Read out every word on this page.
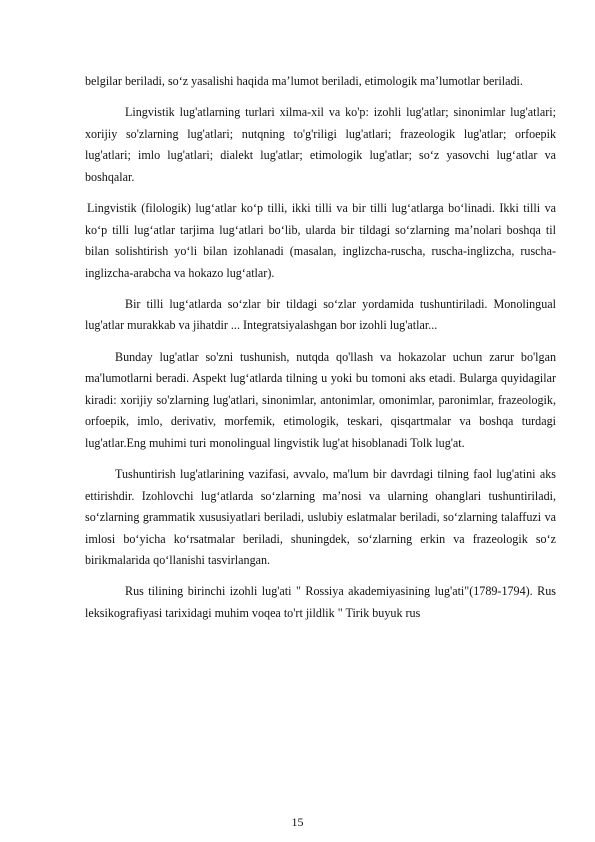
belgilar beriladi, so‘z yasalishi haqida ma’lumot beriladi, etimologik ma’lumotlar beriladi.

Lingvistik lug'atlarning turlari xilma-xil va ko'p: izohli lug'atlar; sinonimlar lug'atlari; xorijiy so'zlarning lug'atlari; nutqning to'g'riligi lug'atlari; frazeologik lug'atlar; orfoepik lug'atlari; imlo lug'atlari; dialekt lug'atlar; etimologik lug'atlar; so‘z yasovchi lug‘atlar va boshqalar.

Lingvistik (filologik) lug‘atlar ko‘p tilli, ikki tilli va bir tilli lug‘atlarga bo‘linadi. Ikki tilli va ko‘p tilli lug‘atlar tarjima lug‘atlari bo‘lib, ularda bir tildagi so‘zlarning ma’nolari boshqa til bilan solishtirish yo‘li bilan izohlanadi (masalan, inglizcha-ruscha, ruscha-inglizcha, ruscha-inglizcha-arabcha va hokazo lug‘atlar).

Bir tilli lug‘atlarda so‘zlar bir tildagi so‘zlar yordamida tushuntiriladi. Monolingual lug'atlar murakkab va jihatdir ... Integratsiyalashgan bor izohli lug'atlar...

Bunday lug'atlar so'zni tushunish, nutqda qo'llash va hokazolar uchun zarur bo'lgan ma'lumotlarni beradi. Aspekt lug‘atlarda tilning u yoki bu tomoni aks etadi. Bularga quyidagilar kiradi: xorijiy so'zlarning lug'atlari, sinonimlar, antonimlar, omonimlar, paronimlar, frazeologik, orfoepik, imlo, derivativ, morfemik, etimologik, teskari, qisqartmalar va boshqa turdagi lug'atlar.Eng muhimi turi monolingual lingvistik lug'at hisoblanadi Tolk lug'at.

Tushuntirish lug'atlarining vazifasi, avvalo, ma'lum bir davrdagi tilning faol lug'atini aks ettirishdir. Izohlovchi lug‘atlarda so‘zlarning ma’nosi va ularning ohanglari tushuntiriladi, so‘zlarning grammatik xususiyatlari beriladi, uslubiy eslatmalar beriladi, so‘zlarning talaffuzi va imlosi bo‘yicha ko‘rsatmalar beriladi, shuningdek, so‘zlarning erkin va frazeologik so‘z birikmalarida qo‘llanishi tasvirlangan.

Rus tilining birinchi izohli lug'ati " Rossiya akademiyasining lug'ati"(1789-1794). Rus leksikografiyasi tarixidagi muhim voqea to'rt jildlik " Tirik buyuk rus

15
